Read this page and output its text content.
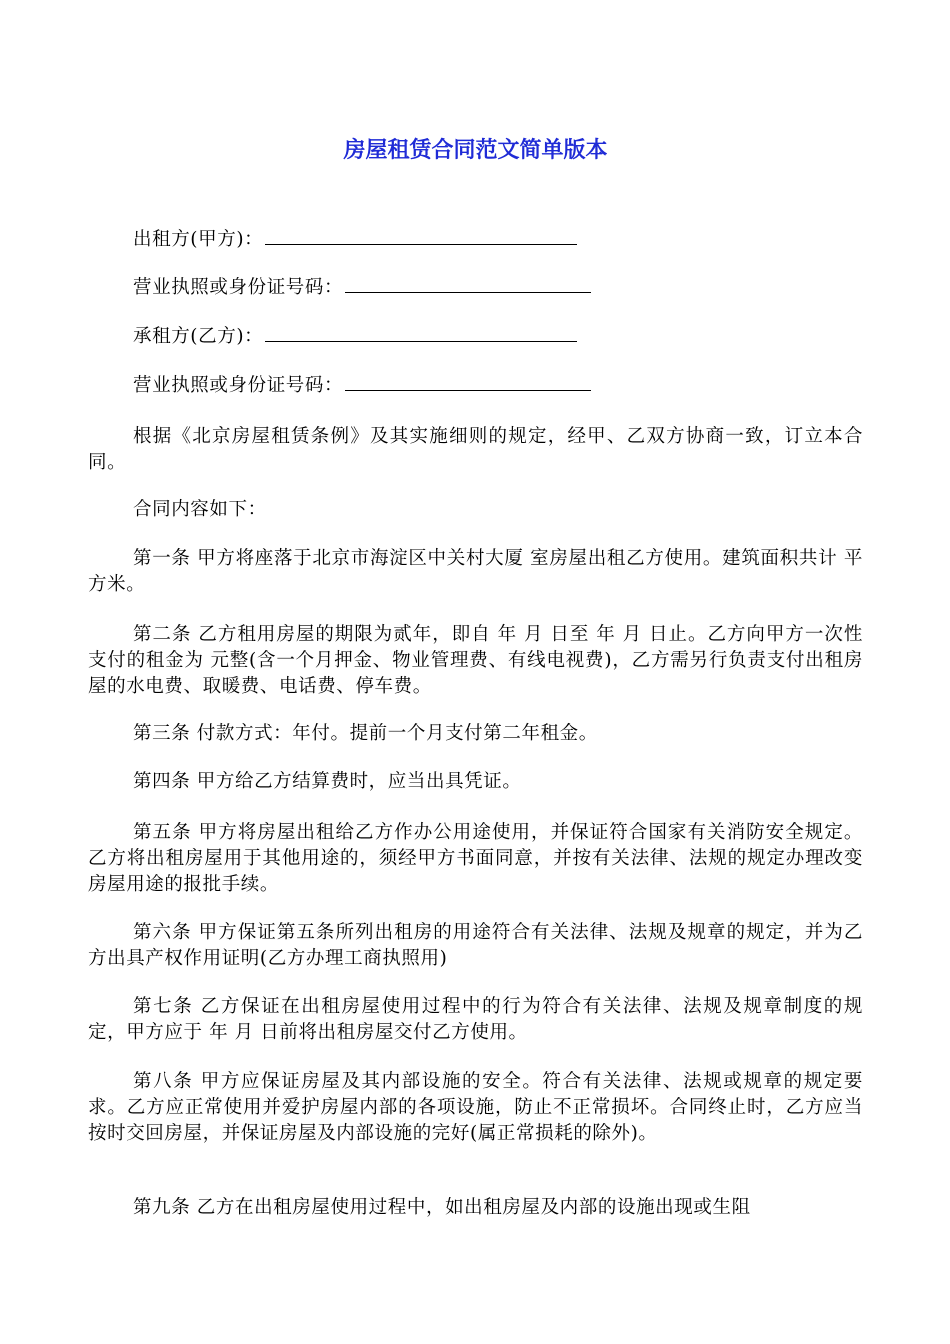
房屋租赁合同范文简单版本

出租方(甲方)：

营业执照或身份证号码：

承租方(乙方)：

营业执照或身份证号码：

根据《北京房屋租赁条例》及其实施细则的规定，经甲、乙双方协商一致，订立本合同。

合同内容如下：

第一条 甲方将座落于北京市海淀区中关村大厦 室房屋出租乙方使用。建筑面积共计 平方米。

第二条 乙方租用房屋的期限为贰年，即自 年 月 日至 年 月 日止。乙方向甲方一次性支付的租金为 元整(含一个月押金、物业管理费、有线电视费)，乙方需另行负责支付出租房屋的水电费、取暖费、电话费、停车费。

第三条 付款方式：年付。提前一个月支付第二年租金。

第四条 甲方给乙方结算费时，应当出具凭证。

第五条 甲方将房屋出租给乙方作办公用途使用，并保证符合国家有关消防安全规定。乙方将出租房屋用于其他用途的，须经甲方书面同意，并按有关法律、法规的规定办理改变房屋用途的报批手续。

第六条 甲方保证第五条所列出租房的用途符合有关法律、法规及规章的规定，并为乙方出具产权作用证明(乙方办理工商执照用)

第七条 乙方保证在出租房屋使用过程中的行为符合有关法律、法规及规章制度的规定，甲方应于 年 月 日前将出租房屋交付乙方使用。

第八条 甲方应保证房屋及其内部设施的安全。符合有关法律、法规或规章的规定要求。乙方应正常使用并爱护房屋内部的各项设施，防止不正常损坏。合同终止时，乙方应当按时交回房屋，并保证房屋及内部设施的完好(属正常损耗的除外)。

第九条 乙方在出租房屋使用过程中，如出租房屋及内部的设施出现或生阻
